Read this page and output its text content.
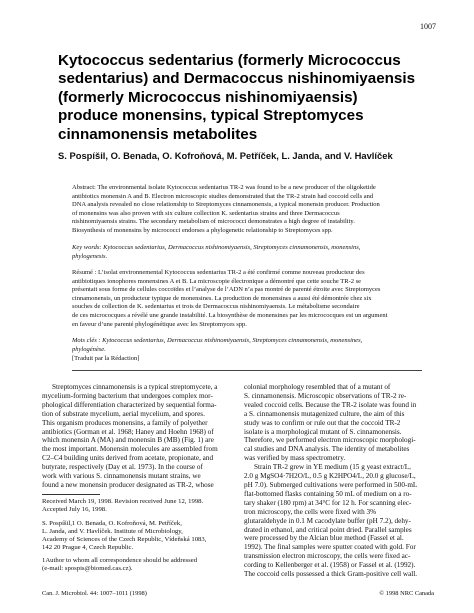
1007
Kytococcus sedentarius (formerly Micrococcus
sedentarius) and Dermacoccus nishinomiyaensis
(formerly Micrococcus nishinomiyaensis)
produce monensins, typical Streptomyces
cinnamonensis metabolites
S. Pospíšil, O. Benada, O. Kofroňová, M. Petříček, L. Janda, and V. Havlíček
Abstract: The environmental isolate Kytococcus sedentarius TR-2 was found to be a new producer of the oligoketide
antibiotics monensin A and B. Electron microscopic studies demonstrated that the TR-2 strain had coccoid cells and
DNA analysis revealed no close relationship to Streptomyces cinnamonensis, a typical monensin producer. Production
of monensins was also proven with six culture collection K. sedentarius strains and three Dermacoccus
nishinomiyaensis strains. The secondary metabolism of micrococci demonstrates a high degree of instability.
Biosynthesis of monensins by micrococci endorses a phylogenetic relationship to Streptomyces spp.
Key words: Kytococcus sedentarius, Dermacoccus nishinomiyaensis, Streptomyces cinnamonensis, monensins,
phylogenesis.
Résumé : L’isolat environnemental Kytococcus sedentarius TR-2 a été confirmé comme nouveau producteur des
antibiotiques ionophores monensines A et B. La microscopie électronique a démontré que cette souche TR-2 se
présentait sous forme de cellules coccoïdes et l’analyse de l’ADN n’a pas montré de parenté étroite avec Streptomyces
cinnamonensis, un producteur typique de monensines. La production de monensines a aussi été démontrée chez six
souches de collection de K. sedentarius et trois de Dermacoccus nishinomiyaensis. Le métabolisme secondaire
de ces micrococques a révélé une grande instabilité. La biosynthèse de monensines par les micrococques est un argument
en faveur d’une parenté phylogénétique avec les Streptomyces spp.
Mots clés : Kytococcus sedentarius, Dermacoccus nishinomiyaensis, Streptomyces cinnamonensis, monensines,
phylogénèse.
[Traduit par la Rédaction]
Streptomyces cinnamonensis is a typical streptomycete, a
mycelium-forming bacterium that undergoes complex mor-
phological differentiation characterized by sequential forma-
tion of substrate mycelium, aerial mycelium, and spores.
This organism produces monensins, a family of polyether
antibiotics (Gorman et al. 1968; Haney and Hoehn 1968) of
which monensin A (MA) and monensin B (MB) (Fig. 1) are
the most important. Monensin molecules are assembled from
C2–C4 building units derived from acetate, propionate, and
butyrate, respectively (Day et al. 1973). In the course of
work with various S. cinnamonensis mutant strains, we
found a new monensin producer designated as TR-2, whose
Received March 19, 1998. Revision received June 12, 1998.
Accepted July 16, 1998.
S. Pospíšil,1 O. Benada, O. Kofroňová, M. Petříček,
L. Janda, and V. Havlíček. Institute of Microbiology,
Academy of Sciences of the Czech Republic, Vídeňská 1083,
142 20 Prague 4, Czech Republic.
1Author to whom all correspondence should be addressed
(e-mail: spospis@biomed.cas.cz).
colonial morphology resembled that of a mutant of
S. cinnamonensis. Microscopic observations of TR-2 re-
vealed coccoid cells. Because the TR-2 isolate was found in
a S. cinnamonensis mutagenized culture, the aim of this
study was to confirm or rule out that the coccoid TR-2
isolate is a morphological mutant of S. cinnamonensis.
Therefore, we performed electron microscopic morphologi-
cal studies and DNA analysis. The identity of metabolites
was verified by mass spectrometry.
Strain TR-2 grew in YE medium (15 g yeast extract/L,
2.0 g MgSO4·7H2O/L, 0.5 g K2HPO4/L, 20.0 g glucose/L,
pH 7.0). Submerged cultivations were performed in 500-mL
flat-bottomed flasks containing 50 mL of medium on a ro-
tary shaker (180 rpm) at 34°C for 12 h. For scanning elec-
tron microscopy, the cells were fixed with 3%
glutaraldehyde in 0.1 M cacodylate buffer (pH 7.2), dehy-
drated in ethanol, and critical point dried. Parallel samples
were processed by the Alcian blue method (Fassel et al.
1992). The final samples were sputter coated with gold. For
transmission electron microscopy, the cells were fixed ac-
cording to Kellenberger et al. (1958) or Fassel et al. (1992).
The coccoid cells possessed a thick Gram-positive cell wall.
Can. J. Microbiol. 44: 1007–1011 (1998)	© 1998 NRC Canada
